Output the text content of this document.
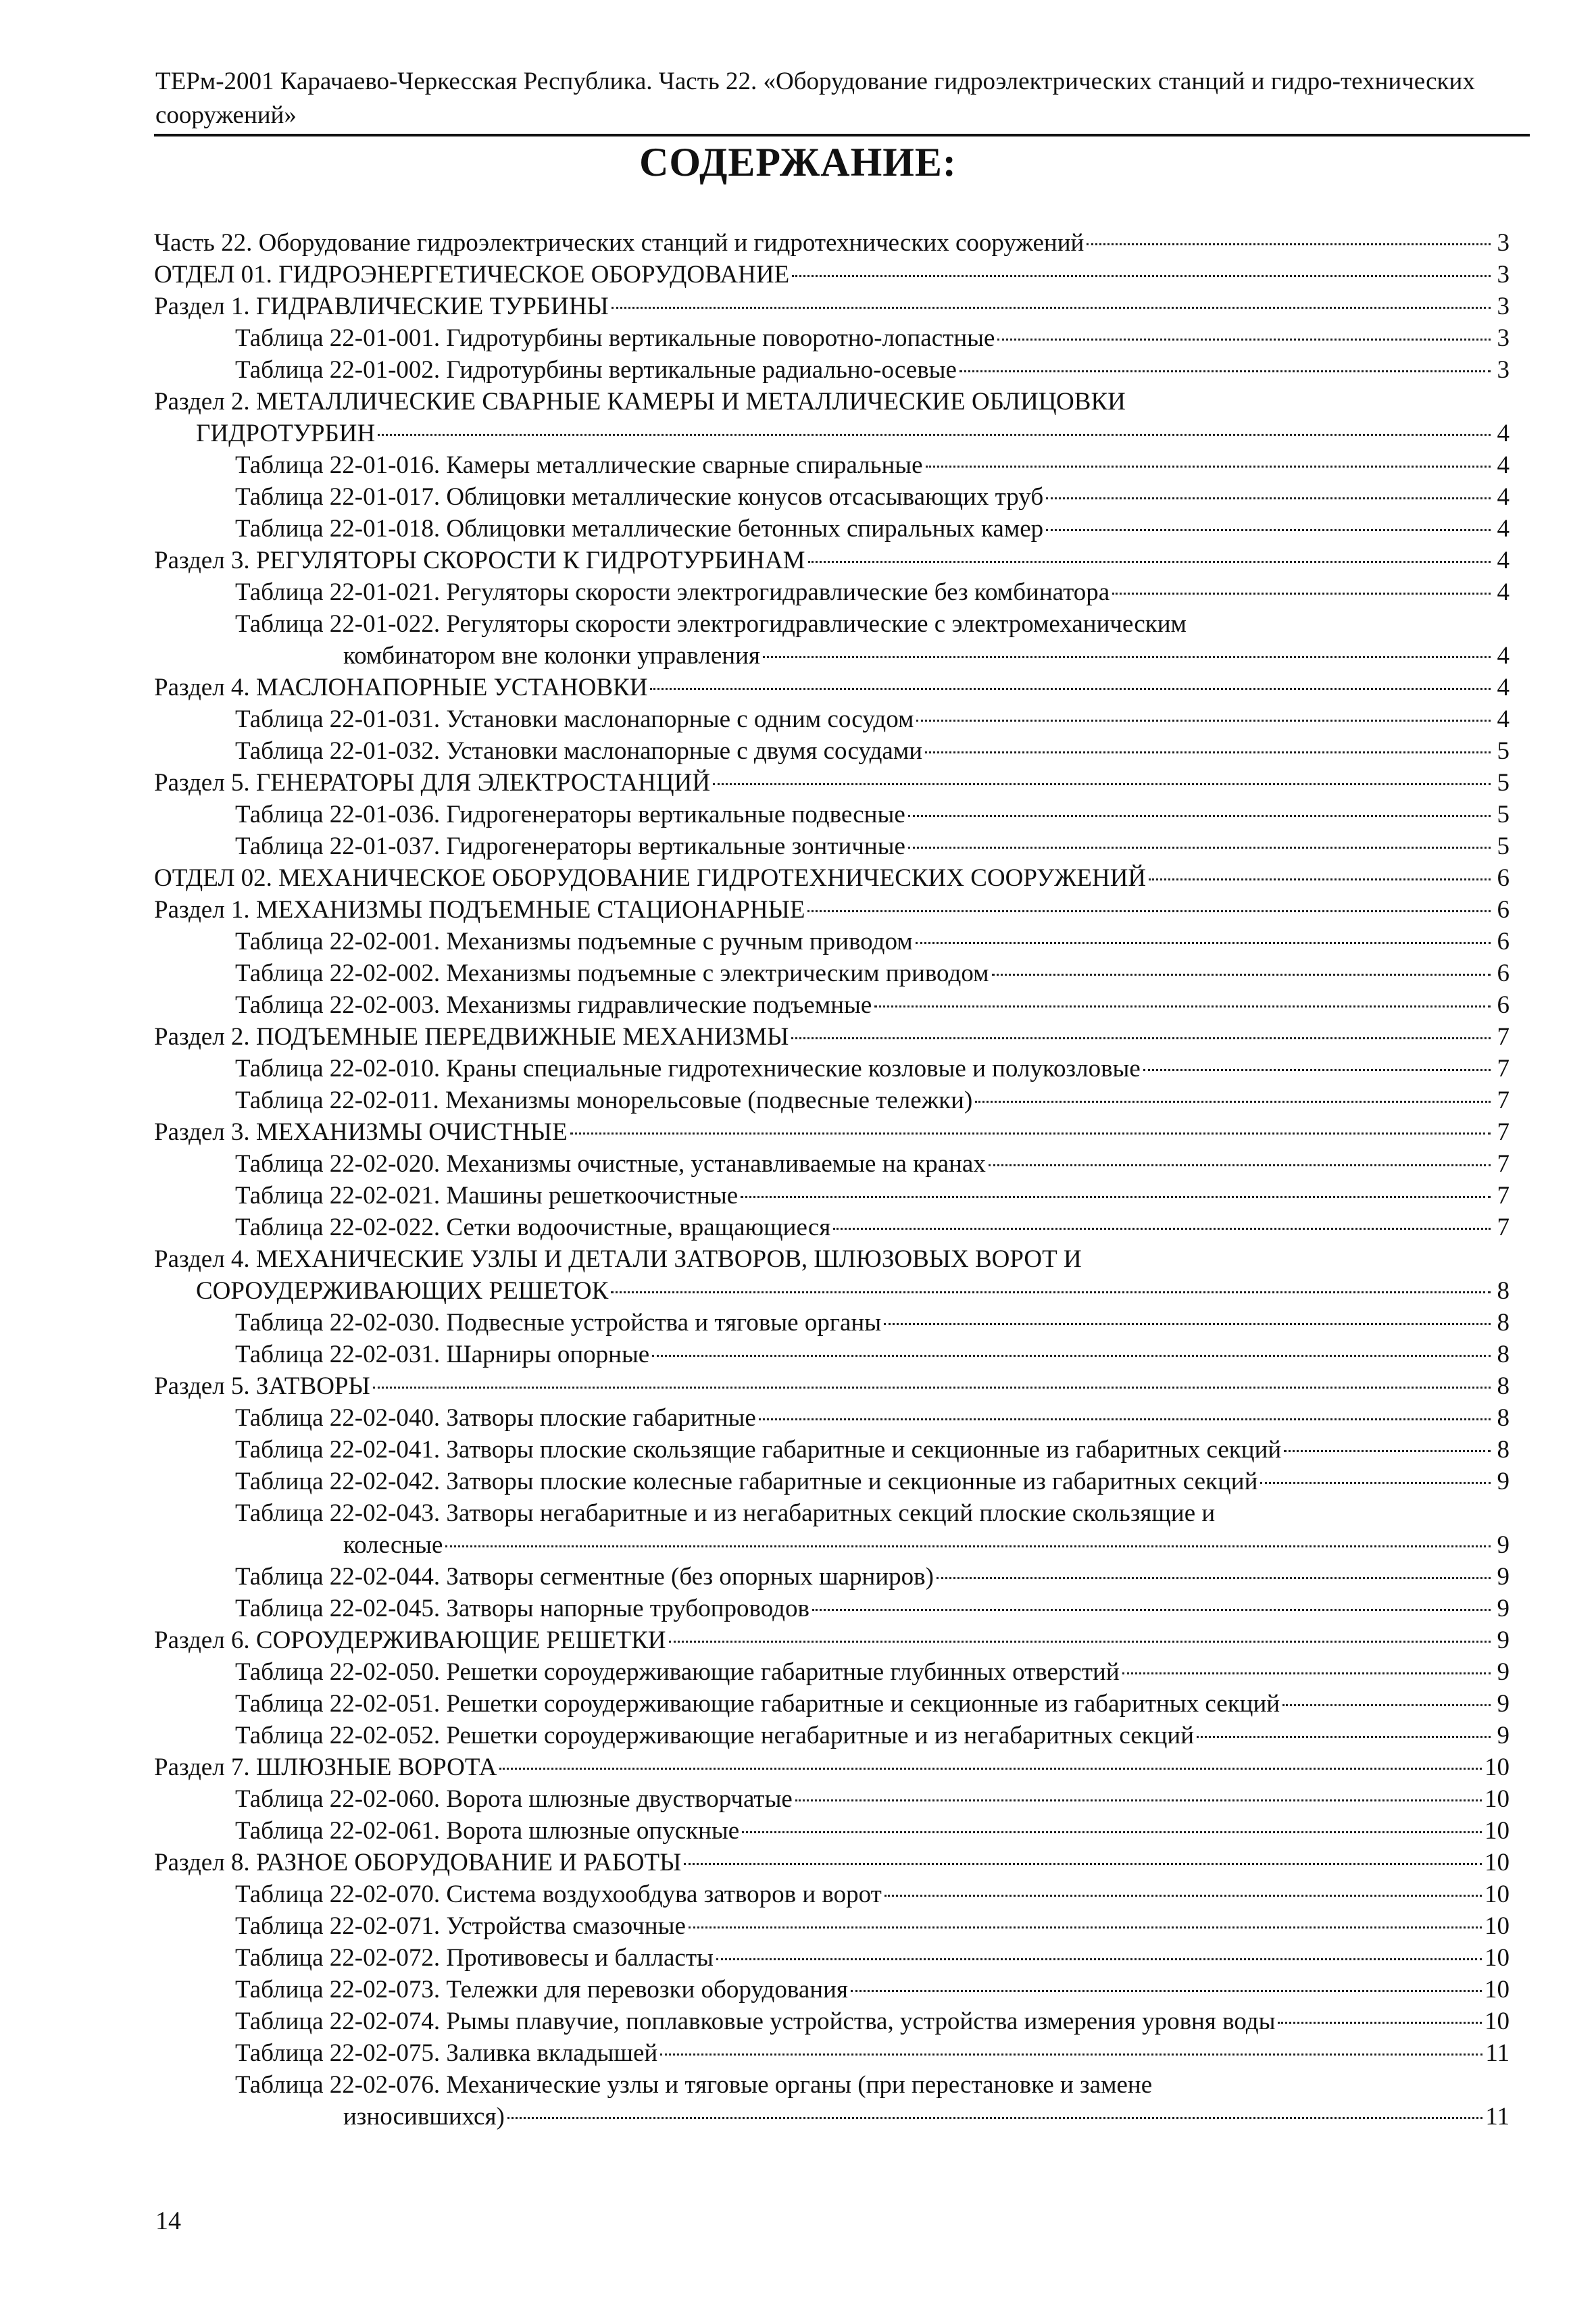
ТЕРм-2001 Карачаево-Черкесская Республика. Часть 22. «Оборудование гидроэлектрических станций и гидро-технических сооружений»
СОДЕРЖАНИЕ:
Часть 22. Оборудование гидроэлектрических станций и гидротехнических сооружений	3
ОТДЕЛ 01. ГИДРОЭНЕРГЕТИЧЕСКОЕ ОБОРУДОВАНИЕ	3
Раздел 1. ГИДРАВЛИЧЕСКИЕ ТУРБИНЫ	3
Таблица 22-01-001. Гидротурбины вертикальные поворотно-лопастные	3
Таблица 22-01-002. Гидротурбины вертикальные радиально-осевые	3
Раздел 2. МЕТАЛЛИЧЕСКИЕ СВАРНЫЕ КАМЕРЫ И МЕТАЛЛИЧЕСКИЕ ОБЛИЦОВКИ
ГИДРОТУРБИН	4
Таблица 22-01-016. Камеры металлические сварные спиральные	4
Таблица 22-01-017. Облицовки металлические конусов отсасывающих труб	4
Таблица 22-01-018. Облицовки металлические бетонных спиральных камер	4
Раздел 3. РЕГУЛЯТОРЫ СКОРОСТИ К ГИДРОТУРБИНАМ	4
Таблица 22-01-021. Регуляторы скорости электрогидравлические без комбинатора	4
Таблица 22-01-022. Регуляторы скорости электрогидравлические с электромеханическим
комбинатором вне колонки управления	4
Раздел 4. МАСЛОНАПОРНЫЕ УСТАНОВКИ	4
Таблица 22-01-031. Установки маслонапорные с одним сосудом	4
Таблица 22-01-032. Установки маслонапорные с двумя сосудами	5
Раздел 5. ГЕНЕРАТОРЫ ДЛЯ ЭЛЕКТРОСТАНЦИЙ	5
Таблица 22-01-036. Гидрогенераторы вертикальные подвесные	5
Таблица 22-01-037. Гидрогенераторы вертикальные зонтичные	5
ОТДЕЛ 02. МЕХАНИЧЕСКОЕ ОБОРУДОВАНИЕ ГИДРОТЕХНИЧЕСКИХ СООРУЖЕНИЙ	6
Раздел 1. МЕХАНИЗМЫ ПОДЪЕМНЫЕ СТАЦИОНАРНЫЕ	6
Таблица 22-02-001. Механизмы подъемные с ручным приводом	6
Таблица 22-02-002. Механизмы подъемные с электрическим приводом	6
Таблица 22-02-003. Механизмы гидравлические подъемные	6
Раздел 2. ПОДЪЕМНЫЕ ПЕРЕДВИЖНЫЕ МЕХАНИЗМЫ	7
Таблица 22-02-010. Краны специальные гидротехнические козловые и полукозловые	7
Таблица 22-02-011. Механизмы монорельсовые (подвесные тележки)	7
Раздел 3. МЕХАНИЗМЫ ОЧИСТНЫЕ	7
Таблица 22-02-020. Механизмы очистные, устанавливаемые на кранах	7
Таблица 22-02-021. Машины решеткоочистные	7
Таблица 22-02-022. Сетки водоочистные, вращающиеся	7
Раздел 4. МЕХАНИЧЕСКИЕ УЗЛЫ И ДЕТАЛИ ЗАТВОРОВ, ШЛЮЗОВЫХ ВОРОТ И
СОРОУДЕРЖИВАЮЩИХ РЕШЕТОК	8
Таблица 22-02-030. Подвесные устройства и тяговые органы	8
Таблица 22-02-031. Шарниры опорные	8
Раздел 5. ЗАТВОРЫ	8
Таблица 22-02-040. Затворы плоские габаритные	8
Таблица 22-02-041. Затворы плоские скользящие габаритные и секционные из габаритных секций	8
Таблица 22-02-042. Затворы плоские колесные габаритные и секционные из габаритных секций	9
Таблица 22-02-043. Затворы негабаритные и из негабаритных секций плоские скользящие и
колесные	9
Таблица 22-02-044. Затворы сегментные (без опорных шарниров)	9
Таблица 22-02-045. Затворы напорные трубопроводов	9
Раздел 6. СОРОУДЕРЖИВАЮЩИЕ РЕШЕТКИ	9
Таблица 22-02-050. Решетки сороудерживающие габаритные глубинных отверстий	9
Таблица 22-02-051. Решетки сороудерживающие габаритные и секционные из габаритных секций	9
Таблица 22-02-052. Решетки сороудерживающие негабаритные и из негабаритных секций	9
Раздел 7. ШЛЮЗНЫЕ ВОРОТА	10
Таблица 22-02-060. Ворота шлюзные двустворчатые	10
Таблица 22-02-061. Ворота шлюзные опускные	10
Раздел 8. РАЗНОЕ ОБОРУДОВАНИЕ И РАБОТЫ	10
Таблица 22-02-070. Система воздухообдува затворов и ворот	10
Таблица 22-02-071. Устройства смазочные	10
Таблица 22-02-072. Противовесы и балласты	10
Таблица 22-02-073. Тележки для перевозки оборудования	10
Таблица 22-02-074. Рымы плавучие, поплавковые устройства, устройства измерения уровня воды	10
Таблица 22-02-075. Заливка вкладышей	11
Таблица 22-02-076. Механические узлы и тяговые органы (при перестановке и замене
износившихся)	11
14
